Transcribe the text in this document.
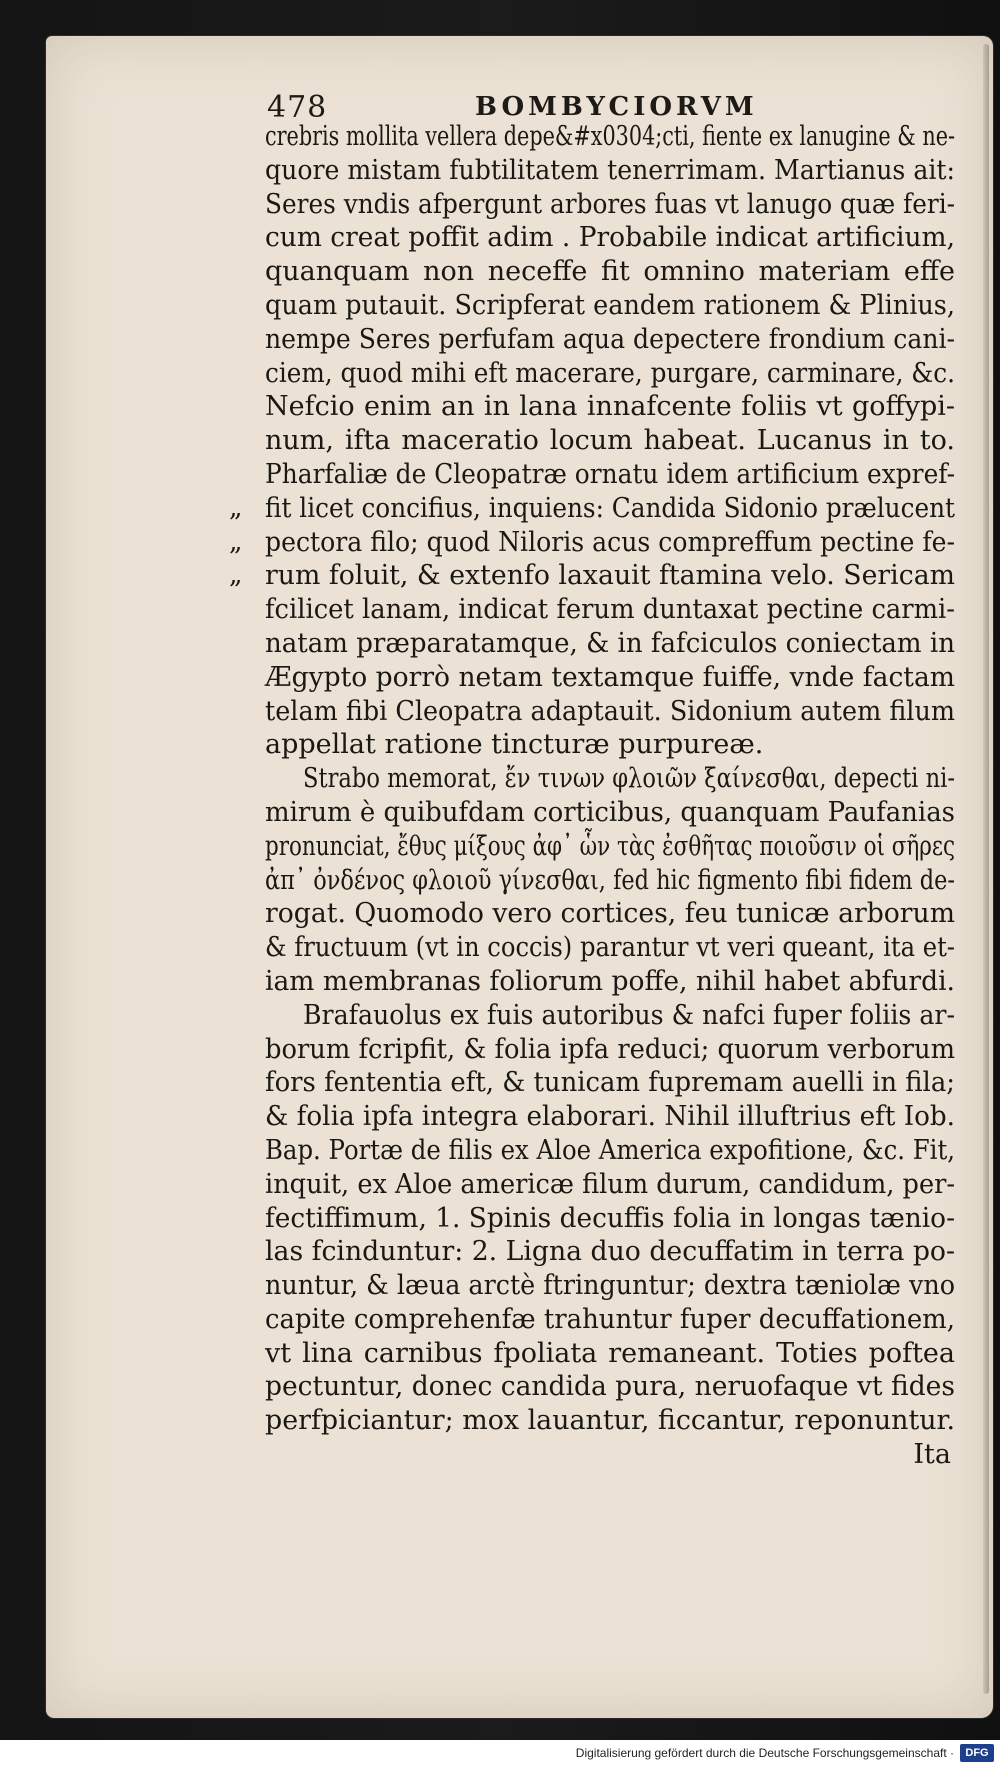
478	BOMBYCIORVM
crebris mollita vellera depe&#x0304;cti, fiente ex lanugine & ne-
quore mistam fubtilitatem tenerrimam. Martianus ait:
Seres vndis afpergunt arbores fuas vt lanugo quæ feri-
cum creat poffit adim . Probabile indicat artificium,
quanquam non neceffe fit omnino materiam effe
quam putauit. Scripferat eandem rationem & Plinius,
nempe Seres perfufam aqua depectere frondium cani-
ciem, quod mihi eft macerare, purgare, carminare, &c.
Nefcio enim an in lana innafcente foliis vt goffypi-
num, ifta maceratio locum habeat. Lucanus in to.
Pharfaliæ de Cleopatræ ornatu idem artificium expref-
„ fit licet concifius, inquiens: Candida Sidonio prælucent
„ pectora filo; quod Niloris acus compreffum pectine fe-
„ rum foluit, & extenfo laxauit ftamina velo. Sericam
fcilicet lanam, indicat ferum duntaxat pectine carmi-
natam præparatamque, & in fafciculos coniectam in
Ægypto porrò netam textamque fuiffe, vnde factam
telam fibi Cleopatra adaptauit. Sidonium autem filum
appellat ratione tincturæ purpureæ.
Strabo memorat, ἔν τινων φλοιῶν ξαίνεσθαι, depecti ni-
mirum è quibufdam corticibus, quanquam Paufanias
pronunciat, ἔθυς μίξους ἀφ᾽ ὧν τὰς ἐσθῆτας ποιοῦσιν οἱ σῆρες
ἀπ᾽ ὀνδένος φλοιοῦ γίνεσθαι, fed hic figmento fibi fidem de-
rogat. Quomodo vero cortices, feu tunicæ arborum
& fructuum (vt in coccis) parantur vt veri queant, ita et-
iam membranas foliorum poffe, nihil habet abfurdi.
Brafauolus ex fuis autoribus & nafci fuper foliis ar-
borum fcripfit, & folia ipfa reduci; quorum verborum
fors fententia eft, & tunicam fupremam auelli in fila;
& folia ipfa integra elaborari. Nihil illuftrius eft Iob.
Bap. Portæ de filis ex Aloe America expofitione, &c. Fit,
inquit, ex Aloe americæ filum durum, candidum, per-
fectiffimum, 1. Spinis decuffis folia in longas tænio-
las fcinduntur: 2. Ligna duo decuffatim in terra po-
nuntur, & læua arctè ftringuntur; dextra tæniolæ vno
capite comprehenfæ trahuntur fuper decuffationem,
vt lina carnibus fpoliata remaneant. Toties poftea
pectuntur, donec candida pura, neruofaque vt fides
perfpiciantur; mox lauantur, ficcantur, reponuntur.
Ita
Digitalisierung gefördert durch die Deutsche Forschungsgemeinschaft ·	DFG
